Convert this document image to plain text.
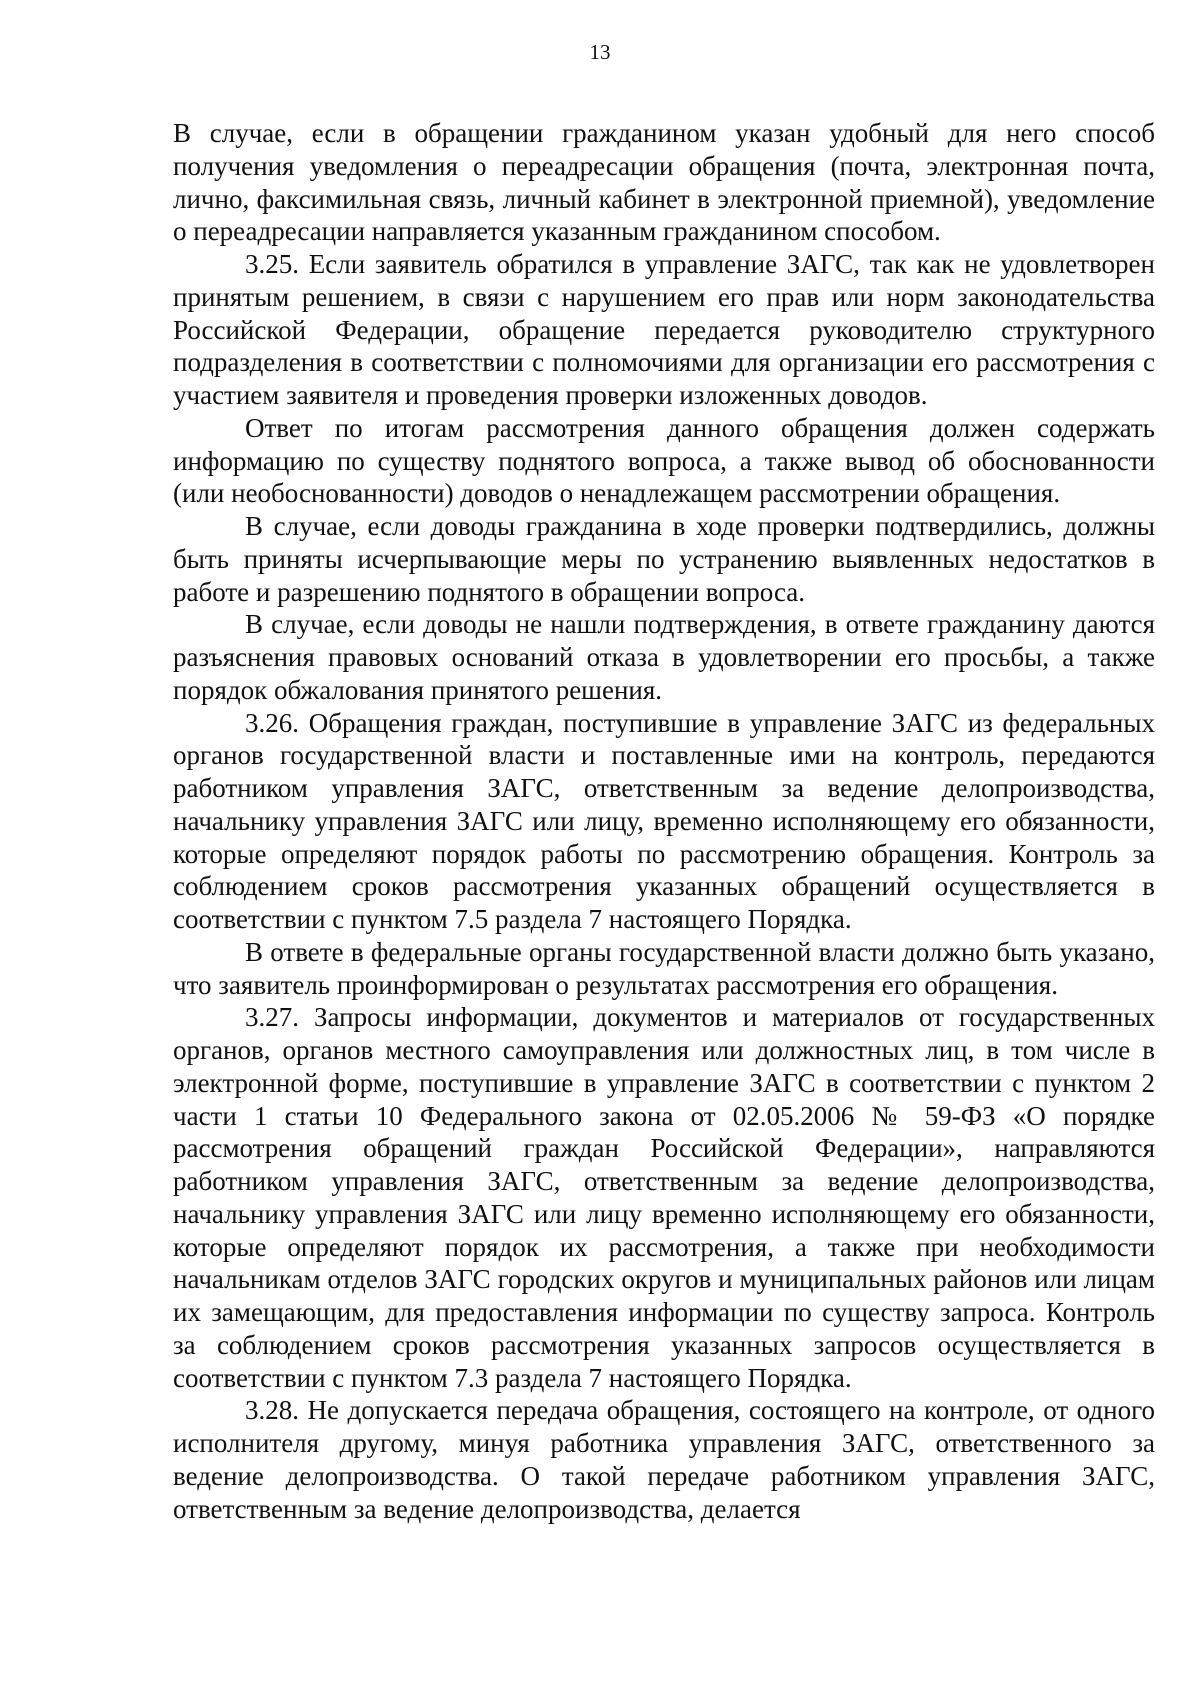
13

В случае, если в обращении гражданином указан удобный для него способ получения уведомления о переадресации обращения (почта, электронная почта, лично, факсимильная связь, личный кабинет в электронной приемной), уведомление о переадресации направляется указанным гражданином способом.

3.25. Если заявитель обратился в управление ЗАГС, так как не удовлетворен принятым решением, в связи с нарушением его прав или норм законодательства Российской Федерации, обращение передается руководителю структурного подразделения в соответствии с полномочиями для организации его рассмотрения с участием заявителя и проведения проверки изложенных доводов.

Ответ по итогам рассмотрения данного обращения должен содержать информацию по существу поднятого вопроса, а также вывод об обоснованности (или необоснованности) доводов о ненадлежащем рассмотрении обращения.

В случае, если доводы гражданина в ходе проверки подтвердились, должны быть приняты исчерпывающие меры по устранению выявленных недостатков в работе и разрешению поднятого в обращении вопроса.

В случае, если доводы не нашли подтверждения, в ответе гражданину даются разъяснения правовых оснований отказа в удовлетворении его просьбы, а также порядок обжалования принятого решения.

3.26. Обращения граждан, поступившие в управление ЗАГС из федеральных органов государственной власти и поставленные ими на контроль, передаются работником управления ЗАГС, ответственным за ведение делопроизводства, начальнику управления ЗАГС или лицу, временно исполняющему его обязанности, которые определяют порядок работы по рассмотрению обращения. Контроль за соблюдением сроков рассмотрения указанных обращений осуществляется в соответствии с пунктом 7.5 раздела 7 настоящего Порядка.

В ответе в федеральные органы государственной власти должно быть указано, что заявитель проинформирован о результатах рассмотрения его обращения.

3.27. Запросы информации, документов и материалов от государственных органов, органов местного самоуправления или должностных лиц, в том числе в электронной форме, поступившие в управление ЗАГС в соответствии с пунктом 2 части 1 статьи 10 Федерального закона от 02.05.2006 № 59-ФЗ «О порядке рассмотрения обращений граждан Российской Федерации», направляются работником управления ЗАГС, ответственным за ведение делопроизводства, начальнику управления ЗАГС или лицу временно исполняющему его обязанности, которые определяют порядок их рассмотрения, а также при необходимости начальникам отделов ЗАГС городских округов и муниципальных районов или лицам их замещающим, для предоставления информации по существу запроса. Контроль за соблюдением сроков рассмотрения указанных запросов осуществляется в соответствии с пунктом 7.3 раздела 7 настоящего Порядка.

3.28. Не допускается передача обращения, состоящего на контроле, от одного исполнителя другому, минуя работника управления ЗАГС, ответственного за ведение делопроизводства. О такой передаче работником управления ЗАГС, ответственным за ведение делопроизводства, делается
